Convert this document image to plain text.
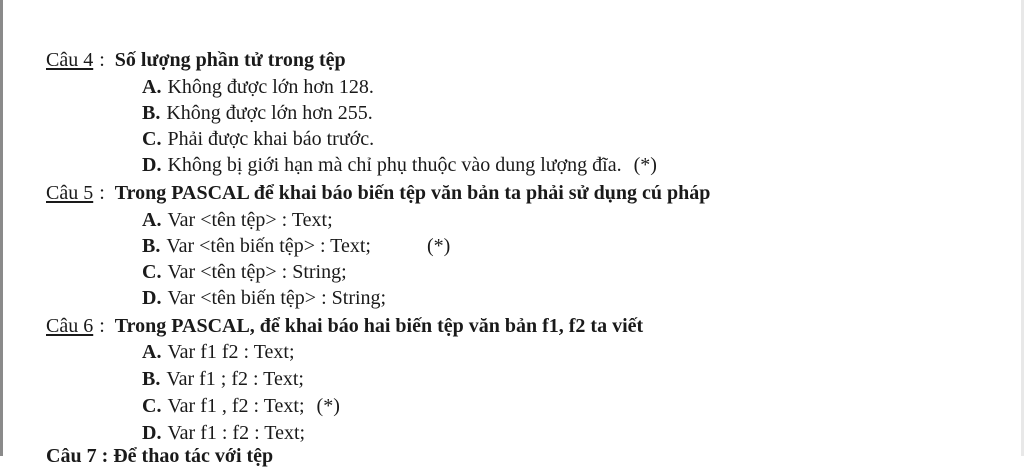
Câu 4 : Số lượng phần tử trong tệp
A. Không được lớn hơn 128.
B. Không được lớn hơn 255.
C. Phải được khai báo trước.
D. Không bị giới hạn mà chỉ phụ thuộc vào dung lượng đĩa. (*)
Câu 5 : Trong PASCAL để khai báo biến tệp văn bản ta phải sử dụng cú pháp
A. Var <tên tệp> : Text;
B. Var <tên biến tệp> : Text;	(*)
C. Var <tên tệp> : String;
D. Var <tên biến tệp> : String;
Câu 6 : Trong PASCAL, để khai báo hai biến tệp văn bản f1, f2 ta viết
A. Var f1 f2 : Text;
B. Var f1 ; f2 : Text;
C. Var f1 , f2 : Text; (*)
D. Var f1 : f2 : Text;
Câu 7 : Để thao tác với tệp
